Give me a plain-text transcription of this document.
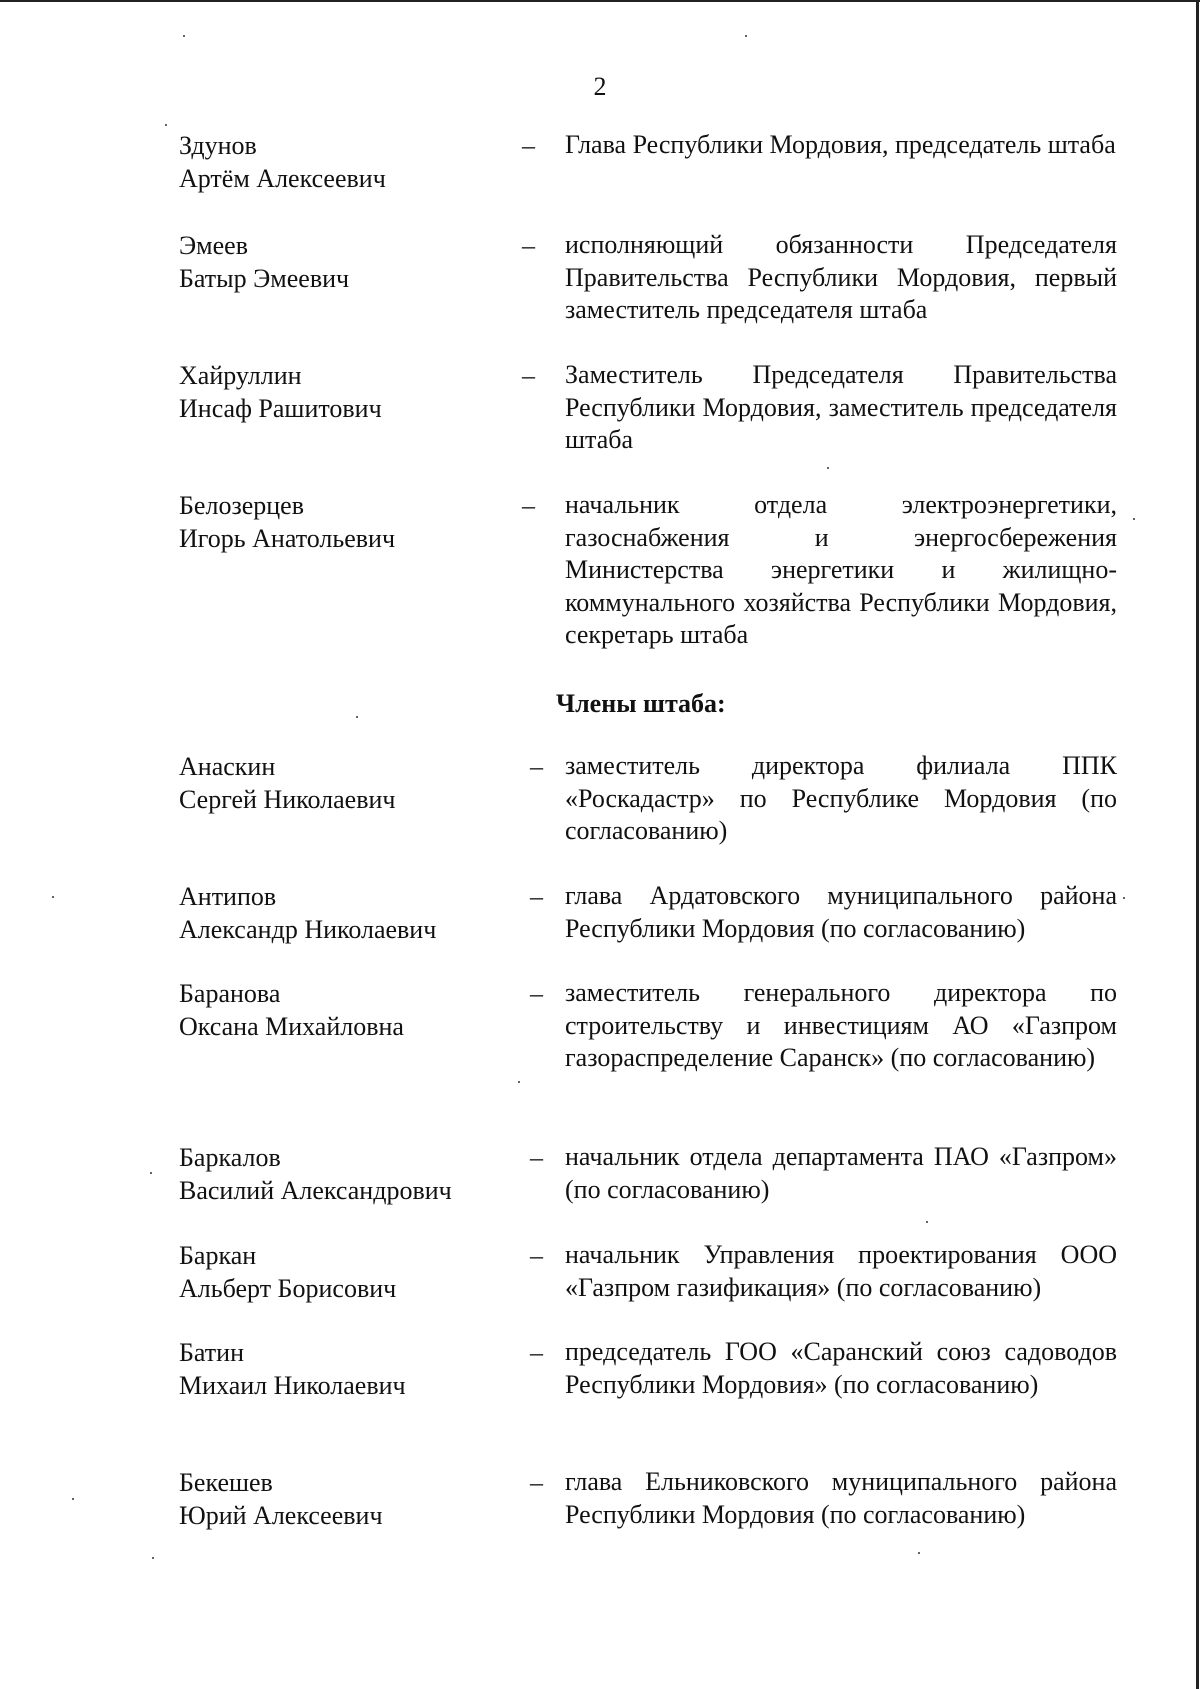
2
Здунов
Артём Алексеевич
– Глава Республики Мордовия, председатель штаба
Эмеев
Батыр Эмеевич
– исполняющий обязанности Председателя Правительства Республики Мордовия, первый заместитель председателя штаба
Хайруллин
Инсаф Рашитович
– Заместитель Председателя Правительства Республики Мордовия, заместитель председателя штаба
Белозерцев
Игорь Анатольевич
– начальник отдела электроэнергетики, газоснабжения и энергосбережения Министерства энергетики и жилищно-коммунального хозяйства Республики Мордовия, секретарь штаба
Члены штаба:
Анаскин
Сергей Николаевич
– заместитель директора филиала ППК «Роскадастр» по Республике Мордовия (по согласованию)
Антипов
Александр Николаевич
– глава Ардатовского муниципального района Республики Мордовия (по согласованию)
Баранова
Оксана Михайловна
– заместитель генерального директора по строительству и инвестициям АО «Газпром газораспределение Саранск» (по согласованию)
Баркалов
Василий Александрович
– начальник отдела департамента ПАО «Газпром» (по согласованию)
Баркан
Альберт Борисович
– начальник Управления проектирования ООО «Газпром газификация» (по согласованию)
Батин
Михаил Николаевич
– председатель ГОО «Саранский союз садоводов Республики Мордовия» (по согласованию)
Бекешев
Юрий Алексеевич
– глава Ельниковского муниципального района Республики Мордовия (по согласованию)
